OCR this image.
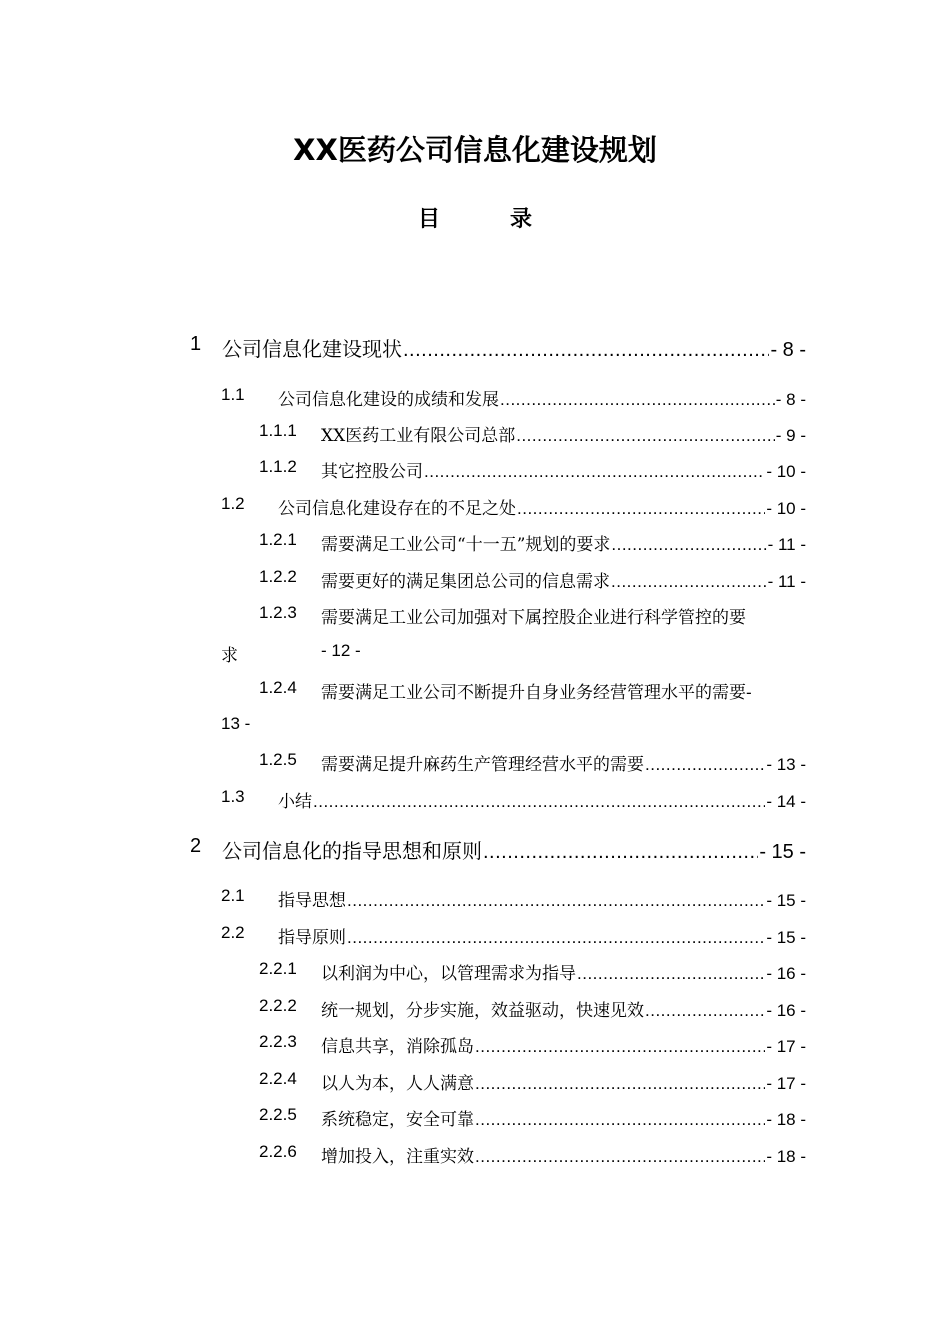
XX医药公司信息化建设规划
目	录
1 公司信息化建设现状 .....	- 8 -
1.1 公司信息化建设的成绩和发展 .....	- 8 -
1.1.1 XX医药工业有限公司总部 .....	- 9 -
1.1.2 其它控股公司 .....	- 10 -
1.2 公司信息化建设存在的不足之处 .....	- 10 -
1.2.1 需要满足工业公司“十一五”规划的要求 .....	- 11 -
1.2.2 需要更好的满足集团总公司的信息需求 .....	- 11 -
1.2.3 需要满足工业公司加强对下属控股企业进行科学管控的要
求	- 12 -
1.2.4 需要满足工业公司不断提升自身业务经营管理水平的需要 -
13 -
1.2.5 需要满足提升麻药生产管理经营水平的需要 .....	- 13 -
1.3 小结 .....	- 14 -
2 公司信息化的指导思想和原则 .....	- 15 -
2.1 指导思想 .....	- 15 -
2.2 指导原则 .....	- 15 -
2.2.1 以利润为中心，以管理需求为指导 .....	- 16 -
2.2.2 统一规划，分步实施，效益驱动，快速见效 .....	- 16 -
2.2.3 信息共享，消除孤岛 .....	- 17 -
2.2.4 以人为本，人人满意 .....	- 17 -
2.2.5 系统稳定，安全可靠 .....	- 18 -
2.2.6 增加投入，注重实效 .....	- 18 -
